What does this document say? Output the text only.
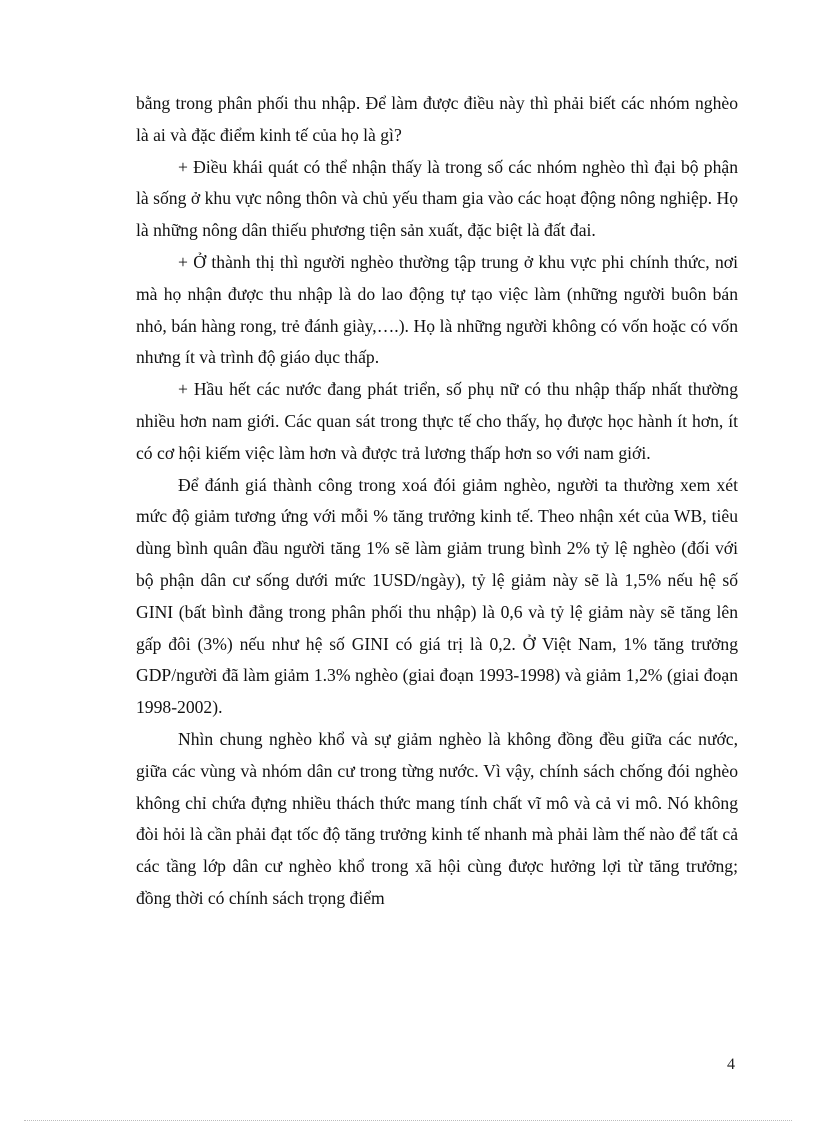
bằng trong phân phối thu nhập. Để làm được điều này thì phải biết các nhóm nghèo là ai và đặc điểm kinh tế của họ là gì?

+ Điều khái quát có thể nhận thấy là trong số các nhóm nghèo thì đại bộ phận là sống ở khu vực nông thôn và chủ yếu tham gia vào các hoạt động nông nghiệp. Họ là những nông dân thiếu phương tiện sản xuất, đặc biệt là đất đai.

+ Ở thành thị thì người nghèo thường tập trung ở khu vực phi chính thức, nơi mà họ nhận được thu nhập là do lao động tự tạo việc làm (những người buôn bán nhỏ, bán hàng rong, trẻ đánh giày,….). Họ là những người không có vốn hoặc có vốn nhưng ít và trình độ giáo dục thấp.

+ Hầu hết các nước đang phát triển, số phụ nữ có thu nhập thấp nhất thường nhiều hơn nam giới. Các quan sát trong thực tế cho thấy, họ được học hành ít hơn, ít có cơ hội kiếm việc làm hơn và được trả lương thấp hơn so với nam giới.

Để đánh giá thành công trong xoá đói giảm nghèo, người ta thường xem xét mức độ giảm tương ứng với mỗi % tăng trưởng kinh tế. Theo nhận xét của WB, tiêu dùng bình quân đầu người tăng 1% sẽ làm giảm trung bình 2% tỷ lệ nghèo (đối với bộ phận dân cư sống dưới mức 1USD/ngày), tỷ lệ giảm này sẽ là 1,5% nếu hệ số GINI (bất bình đẳng trong phân phối thu nhập) là 0,6 và tỷ lệ giảm này sẽ tăng lên gấp đôi (3%) nếu như hệ số GINI có giá trị là 0,2. Ở Việt Nam, 1% tăng trưởng GDP/người đã làm giảm 1.3% nghèo (giai đoạn 1993-1998) và giảm 1,2% (giai đoạn 1998-2002).

Nhìn chung nghèo khổ và sự giảm nghèo là không đồng đều giữa các nước, giữa các vùng và nhóm dân cư trong từng nước. Vì vậy, chính sách chống đói nghèo không chỉ chứa đựng nhiều thách thức mang tính chất vĩ mô và cả vi mô. Nó không đòi hỏi là cần phải đạt tốc độ tăng trưởng kinh tế nhanh mà phải làm thế nào để tất cả các tầng lớp dân cư nghèo khổ trong xã hội cùng được hưởng lợi từ tăng trưởng; đồng thời có chính sách trọng điểm

4
